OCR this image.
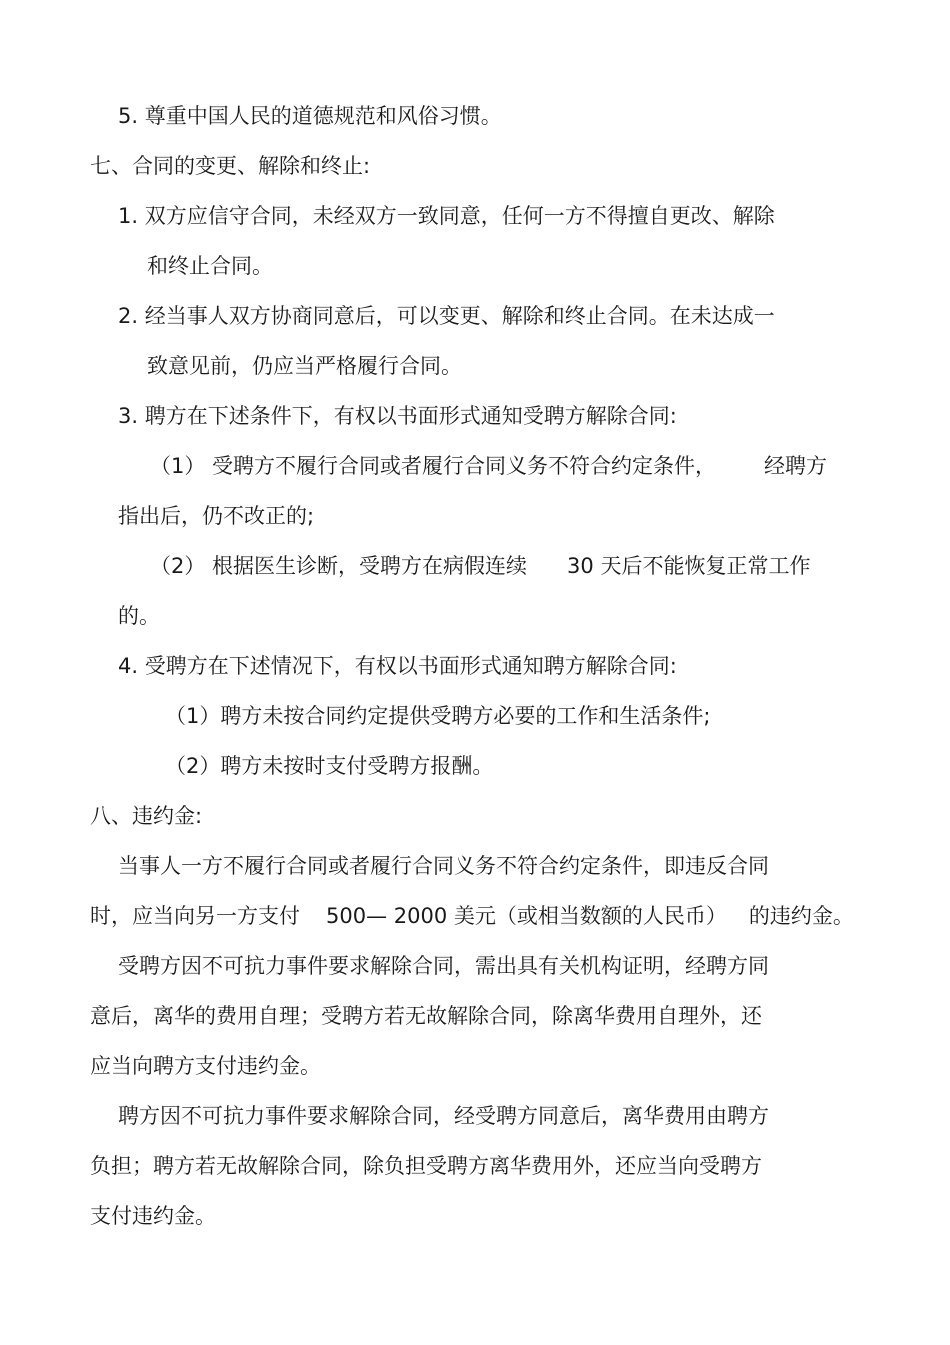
5. 尊重中国人民的道德规范和风俗习惯。

七、合同的变更、解除和终止:

1. 双方应信守合同，未经双方一致同意，任何一方不得擅自更改、解除

和终止合同。

2. 经当事人双方协商同意后，可以变更、解除和终止合同。在未达成一

致意见前，仍应当严格履行合同。

3. 聘方在下述条件下，有权以书面形式通知受聘方解除合同:

（1） 受聘方不履行合同或者履行合同义务不符合约定条件， 经聘方

指出后，仍不改正的;

（2） 根据医生诊断，受聘方在病假连续 30 天后不能恢复正常工作

的。

4. 受聘方在下述情况下，有权以书面形式通知聘方解除合同:

（1）聘方未按合同约定提供受聘方必要的工作和生活条件;

（2）聘方未按时支付受聘方报酬。

八、违约金:

当事人一方不履行合同或者履行合同义务不符合约定条件，即违反合同

时，应当向另一方支付 500— 2000 美元（或相当数额的人民币） 的违约金。

受聘方因不可抗力事件要求解除合同，需出具有关机构证明，经聘方同

意后，离华的费用自理；受聘方若无故解除合同，除离华费用自理外，还

应当向聘方支付违约金。

聘方因不可抗力事件要求解除合同，经受聘方同意后，离华费用由聘方

负担；聘方若无故解除合同，除负担受聘方离华费用外，还应当向受聘方

支付违约金。
